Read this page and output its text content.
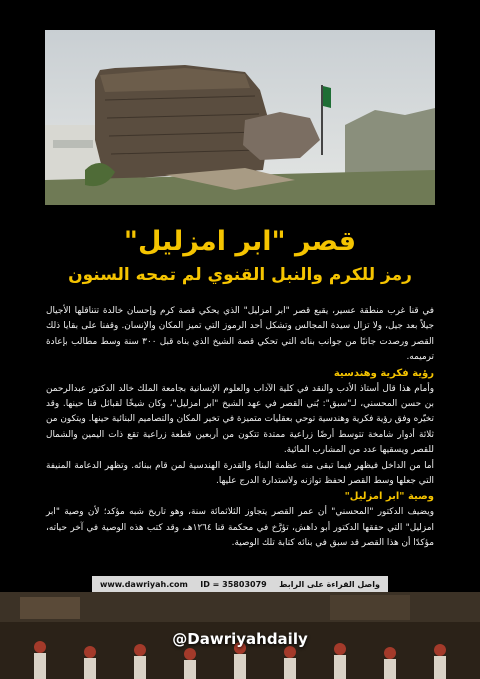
قصر "ابر امزليل"
رمز للكرم والنبل القنوي لم تمحه السنون

في قنا غرب منطقة عسير، يقبع قصر "ابر امزليل" الذي يحكي قصة كرم وإحسان خالدة تتناقلها الأجيال جيلاً بعد جيل، ولا تزال سيدة المجالس وتشكل أحد الرموز التي تميز المكان والإنسان. وقفنا على بقايا ذلك القصر ورصدت جانبًا من جوانب بنائه التي تحكي قصة الشيخ الذي بناه قبل ٣٠٠ سنة وسط مطالب بإعادة ترميمه.

رؤية فكرية وهندسية

وأمام هذا قال أستاذ الأدب والنقد في كلية الآداب والعلوم الإنسانية بجامعة الملك خالد الدكتور عبدالرحمن بن حسن المحسني، لـ"سبق": بُني القصر في عهد الشيخ "ابر امزليل"، وكان شيخًا لقبائل قنا حينها. وقد تخيّره وفق رؤية فكرية وهندسية توحي بعقليات متميزة في تخير المكان والتصاميم البنائية حينها. ويتكون من ثلاثة أدوار شامخة تتوسط أرضًا زراعية ممتدة تتكون من أربعين قطعة زراعية تقع ذات اليمين والشمال للقصر ويسقيها عدد من المشارب المائية.

أما من الداخل فيظهر فيما تبقى منه عظمة البناء والقدرة الهندسية لمن قام ببنائه. وتظهر الدعامة المنيفة التي جعلها وسط القصر لحفظ توازنه ولاستدارة الدرج عليها.

وصية "ابر امزليل"

ويضيف الدكتور "المحسني" أن عمر القصر يتجاوز الثلاثمائة سنة، وهو تاريخ شبه مؤكد؛ لأن وصية "ابر امزليل" التي حققها الدكتور أبو داهش، تؤرَّخ في محكمة قنا ١٢٦٤هـ، وقد كتب هذه الوصية في آخر حياته، مؤكدًا أن هذا القصر قد سبق في بنائه كتابة تلك الوصية.

واصل القراءة على الرابط
ID = 35803079
www.dawriyah.com
@Dawriyahdaily
